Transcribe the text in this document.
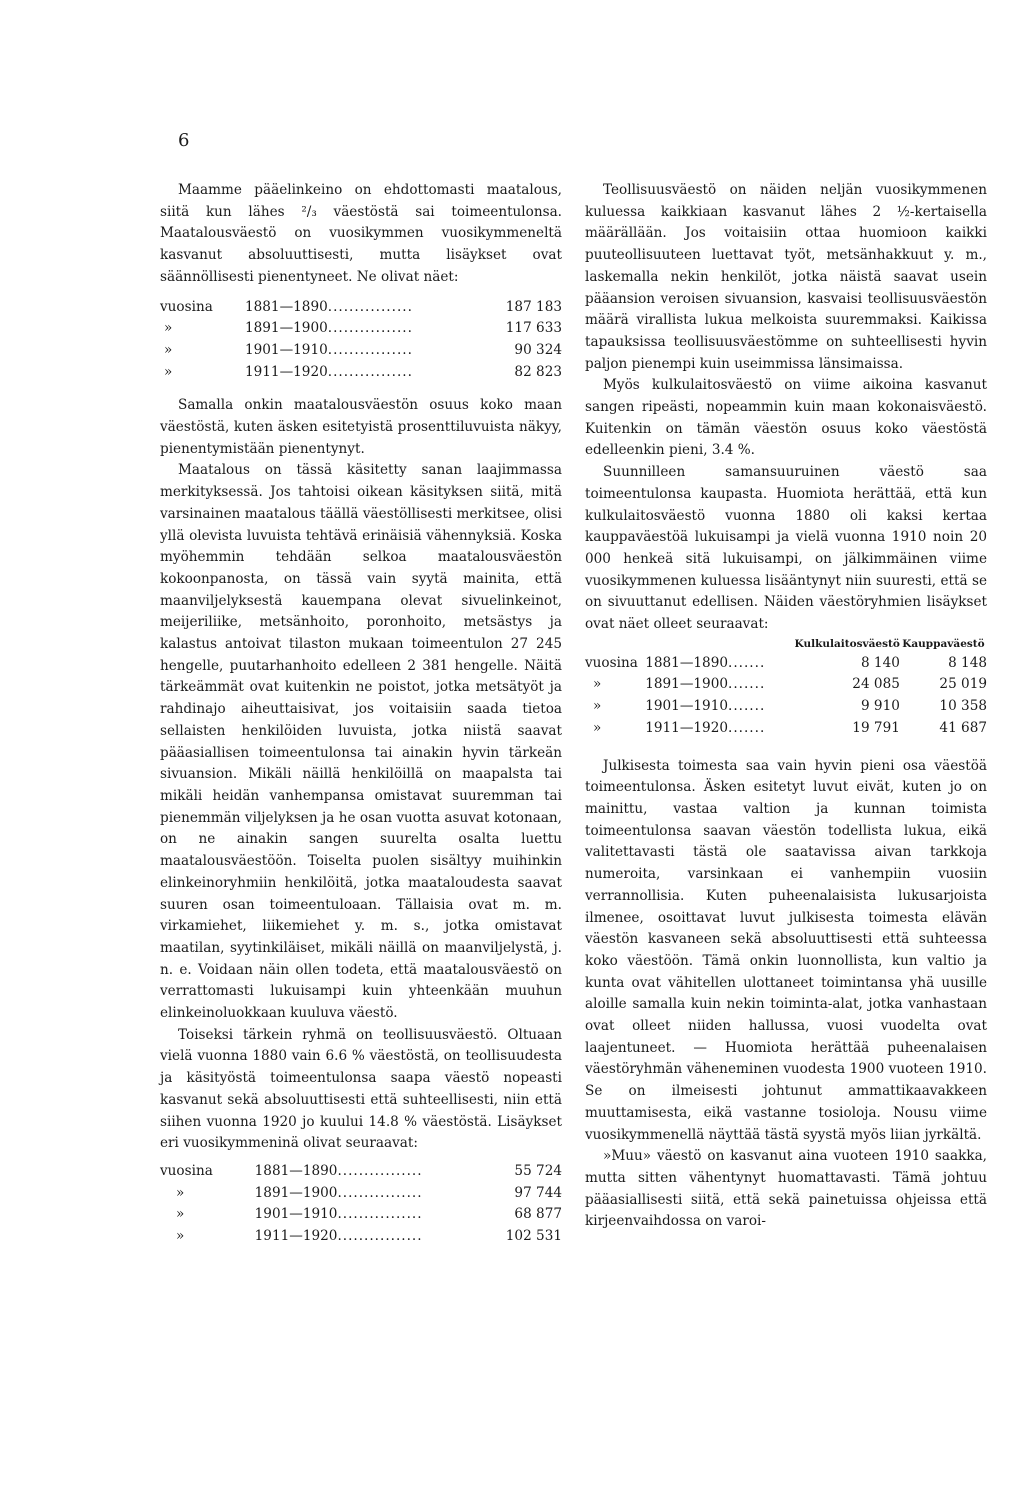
6

Maamme pääelinkeino on ehdottomasti maatalous, siitä kun lähes ²/₃ väestöstä sai toimeentulonsa. Maatalousväestö on vuosikymmen vuosikymmeneltä kasvanut absoluuttisesti, mutta lisäykset ovat säännöllisesti pienentyneet. Ne olivat näet:

vuosina	1881—1890................	187 183
»	1891—1900................	117 633
»	1901—1910................	90 324
»	1911—1920................	82 823

Samalla onkin maatalousväestön osuus koko maan väestöstä, kuten äsken esitetyistä prosenttiluvuista näkyy, pienentymistään pienentynyt.

Maatalous on tässä käsitetty sanan laajimmassa merkityksessä. Jos tahtoisi oikean käsityksen siitä, mitä varsinainen maatalous täällä väestöllisesti merkitsee, olisi yllä olevista luvuista tehtävä erinäisiä vähennyksiä. Koska myöhemmin tehdään selkoa maatalousväestön kokoonpanosta, on tässä vain syytä mainita, että maanviljelyksestä kauempana olevat sivuelinkeinot, meijeriliike, metsänhoito, poronhoito, metsästys ja kalastus antoivat tilaston mukaan toimeentulon 27 245 hengelle, puutarhanhoito edelleen 2 381 hengelle. Näitä tärkeämmät ovat kuitenkin ne poistot, jotka metsätyöt ja rahdinajo aiheuttaisivat, jos voitaisiin saada tietoa sellaisten henkilöiden luvuista, jotka niistä saavat pääasiallisen toimeentulonsa tai ainakin hyvin tärkeän sivuansion. Mikäli näillä henkilöillä on maapalsta tai mikäli heidän vanhempansa omistavat suuremman tai pienemmän viljelyksen ja he osan vuotta asuvat kotonaan, on ne ainakin sangen suurelta osalta luettu maatalousväestöön. Toiselta puolen sisältyy muihinkin elinkeinoryhmiin henkilöitä, jotka maataloudesta saavat suuren osan toimeentuloaan. Tällaisia ovat m. m. virkamiehet, liikemiehet y. m. s., jotka omistavat maatilan, syytinkiläiset, mikäli näillä on maanviljelystä, j. n. e. Voidaan näin ollen todeta, että maatalousväestö on verrattomasti lukuisampi kuin yhteenkään muuhun elinkeinoluokkaan kuuluva väestö.

Toiseksi tärkein ryhmä on teollisuusväestö. Oltuaan vielä vuonna 1880 vain 6.6 % väestöstä, on teollisuudesta ja käsityöstä toimeentulonsa saapa väestö nopeasti kasvanut sekä absoluuttisesti että suhteellisesti, niin että siihen vuonna 1920 jo kuului 14.8 % väestöstä. Lisäykset eri vuosikymmeninä olivat seuraavat:

vuosina	1881—1890................	55 724
»	1891—1900................	97 744
»	1901—1910................	68 877
»	1911—1920................	102 531

Teollisuusväestö on näiden neljän vuosikymmenen kuluessa kaikkiaan kasvanut lähes 2 ½-kertaisella määrällään. Jos voitaisiin ottaa huomioon kaikki puuteollisuuteen luettavat työt, metsänhakkuut y. m., laskemalla nekin henkilöt, jotka näistä saavat usein pääansion veroisen sivuansion, kasvaisi teollisuusväestön määrä virallista lukua melkoista suuremmaksi. Kaikissa tapauksissa teollisuusväestömme on suhteellisesti hyvin paljon pienempi kuin useimmissa länsimaissa.

Myös kulkulaitosväestö on viime aikoina kasvanut sangen ripeästi, nopeammin kuin maan kokonaisväestö. Kuitenkin on tämän väestön osuus koko väestöstä edelleenkin pieni, 3.4 %.

Suunnilleen samansuuruinen väestö saa toimeentulonsa kaupasta. Huomiota herättää, että kun kulkulaitosväestö vuonna 1880 oli kaksi kertaa kauppaväestöä lukuisampi ja vielä vuonna 1910 noin 20 000 henkeä sitä lukuisampi, on jälkimmäinen viime vuosikymmenen kuluessa lisääntynyt niin suuresti, että se on sivuuttanut edellisen. Näiden väestöryhmien lisäykset ovat näet olleet seuraavat:

		Kulkulaitosväestö	Kauppaväestö
vuosina	1881—1890.......	8 140	8 148
»	1891—1900.......	24 085	25 019
»	1901—1910.......	9 910	10 358
»	1911—1920.......	19 791	41 687

Julkisesta toimesta saa vain hyvin pieni osa väestöä toimeentulonsa. Äsken esitetyt luvut eivät, kuten jo on mainittu, vastaa valtion ja kunnan toimista toimeentulonsa saavan väestön todellista lukua, eikä valitettavasti tästä ole saatavissa aivan tarkkoja numeroita, varsinkaan ei vanhempiin vuosiin verrannollisia. Kuten puheenalaisista lukusarjoista ilmenee, osoittavat luvut julkisesta toimesta elävän väestön kasvaneen sekä absoluuttisesti että suhteessa koko väestöön. Tämä onkin luonnollista, kun valtio ja kunta ovat vähitellen ulottaneet toimintansa yhä uusille aloille samalla kuin nekin toiminta-alat, jotka vanhastaan ovat olleet niiden hallussa, vuosi vuodelta ovat laajentuneet. — Huomiota herättää puheenalaisen väestöryhmän väheneminen vuodesta 1900 vuoteen 1910. Se on ilmeisesti johtunut ammattikaavakkeen muuttamisesta, eikä vastanne tosioloja. Nousu viime vuosikymmenellä näyttää tästä syystä myös liian jyrkältä.

»Muu» väestö on kasvanut aina vuoteen 1910 saakka, mutta sitten vähentynyt huomattavasti. Tämä johtuu pääasiallisesti siitä, että sekä painetuissa ohjeissa että kirjeenvaihdossa on varoi-
